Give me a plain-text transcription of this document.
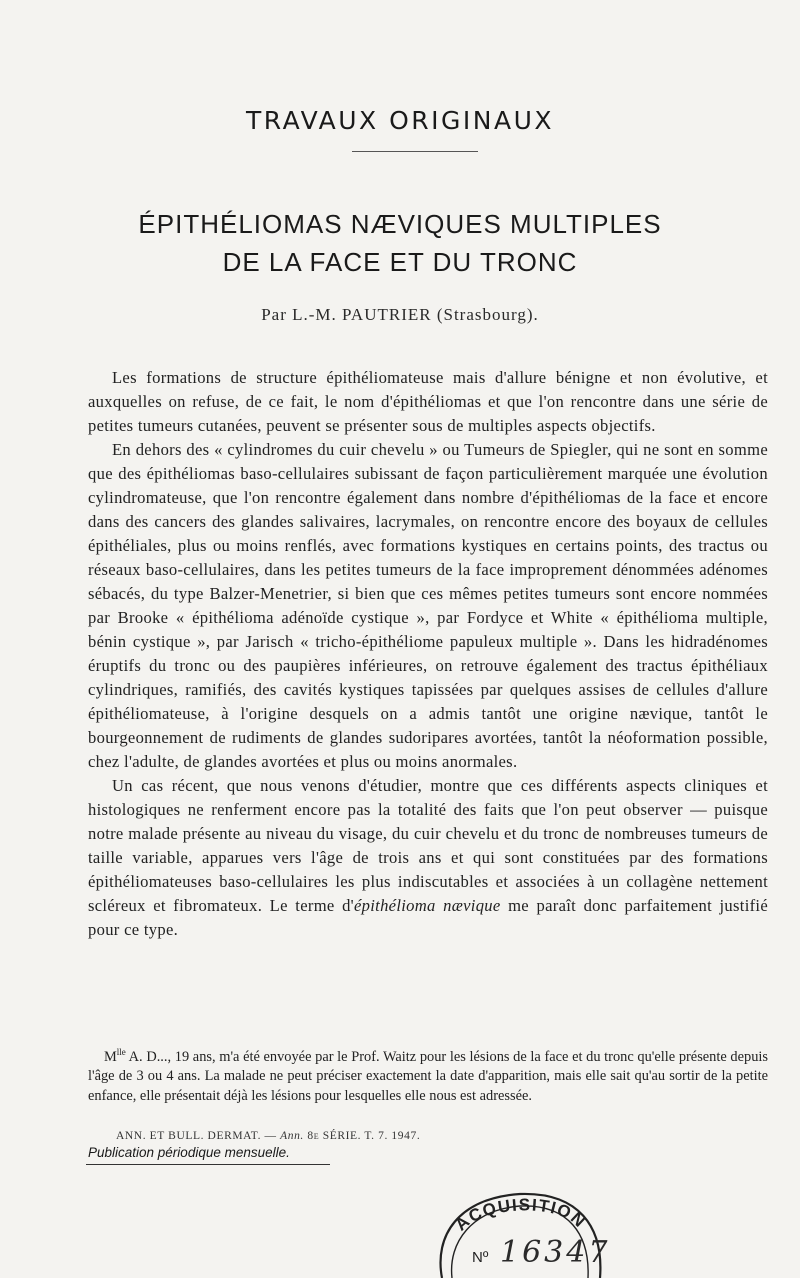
TRAVAUX ORIGINAUX
ÉPITHÉLIOMAS NÆVIQUES MULTIPLES
DE LA FACE ET DU TRONC
Par L.-M. PAUTRIER (Strasbourg).

Les formations de structure épithéliomateuse mais d'allure bénigne et non évolutive, et auxquelles on refuse, de ce fait, le nom d'épithéliomas et que l'on rencontre dans une série de petites tumeurs cutanées, peuvent se présenter sous de multiples aspects objectifs.

En dehors des « cylindromes du cuir chevelu » ou Tumeurs de Spiegler, qui ne sont en somme que des épithéliomas baso-cellulaires subissant de façon particulièrement marquée une évolution cylindromateuse, que l'on rencontre également dans nombre d'épithéliomas de la face et encore dans des cancers des glandes salivaires, lacrymales, on rencontre encore des boyaux de cellules épithéliales, plus ou moins renflés, avec formations kystiques en certains points, des tractus ou réseaux baso-cellulaires, dans les petites tumeurs de la face improprement dénommées adénomes sébacés, du type Balzer-Menetrier, si bien que ces mêmes petites tumeurs sont encore nommées par Brooke « épithélioma adénoïde cystique », par Fordyce et White « épithélioma multiple, bénin cystique », par Jarisch « tricho-épithéliome papuleux multiple ». Dans les hidradénomes éruptifs du tronc ou des paupières inférieures, on retrouve également des tractus épithéliaux cylindriques, ramifiés, des cavités kystiques tapissées par quelques assises de cellules d'allure épithéliomateuse, à l'origine desquels on a admis tantôt une origine nævique, tantôt le bourgeonnement de rudiments de glandes sudoripares avortées, tantôt la néoformation possible, chez l'adulte, de glandes avortées et plus ou moins anormales.

Un cas récent, que nous venons d'étudier, montre que ces différents aspects cliniques et histologiques ne renferment encore pas la totalité des faits que l'on peut observer — puisque notre malade présente au niveau du visage, du cuir chevelu et du tronc de nombreuses tumeurs de taille variable, apparues vers l'âge de trois ans et qui sont constituées par des formations épithéliomateuses baso-cellulaires les plus indiscutables et associées à un collagène nettement scléreux et fibromateux. Le terme d'épithélioma nævique me paraît donc parfaitement justifié pour ce type.

$M^{lle}$ A. D..., 19 ans, m'a été envoyée par le Prof. Waitz pour les lésions de la face et du tronc qu'elle présente depuis l'âge de 3 ou 4 ans. La malade ne peut préciser exactement la date d'apparition, mais elle sait qu'au sortir de la petite enfance, elle présentait déjà les lésions pour lesquelles elle nous est adressée.

ANN. ET BULL. DERMAT. — Ann. 8e SÉRIE. T. 7. 1947.
Publication périodique mensuelle.
ACQUISITION
Nº 16347
